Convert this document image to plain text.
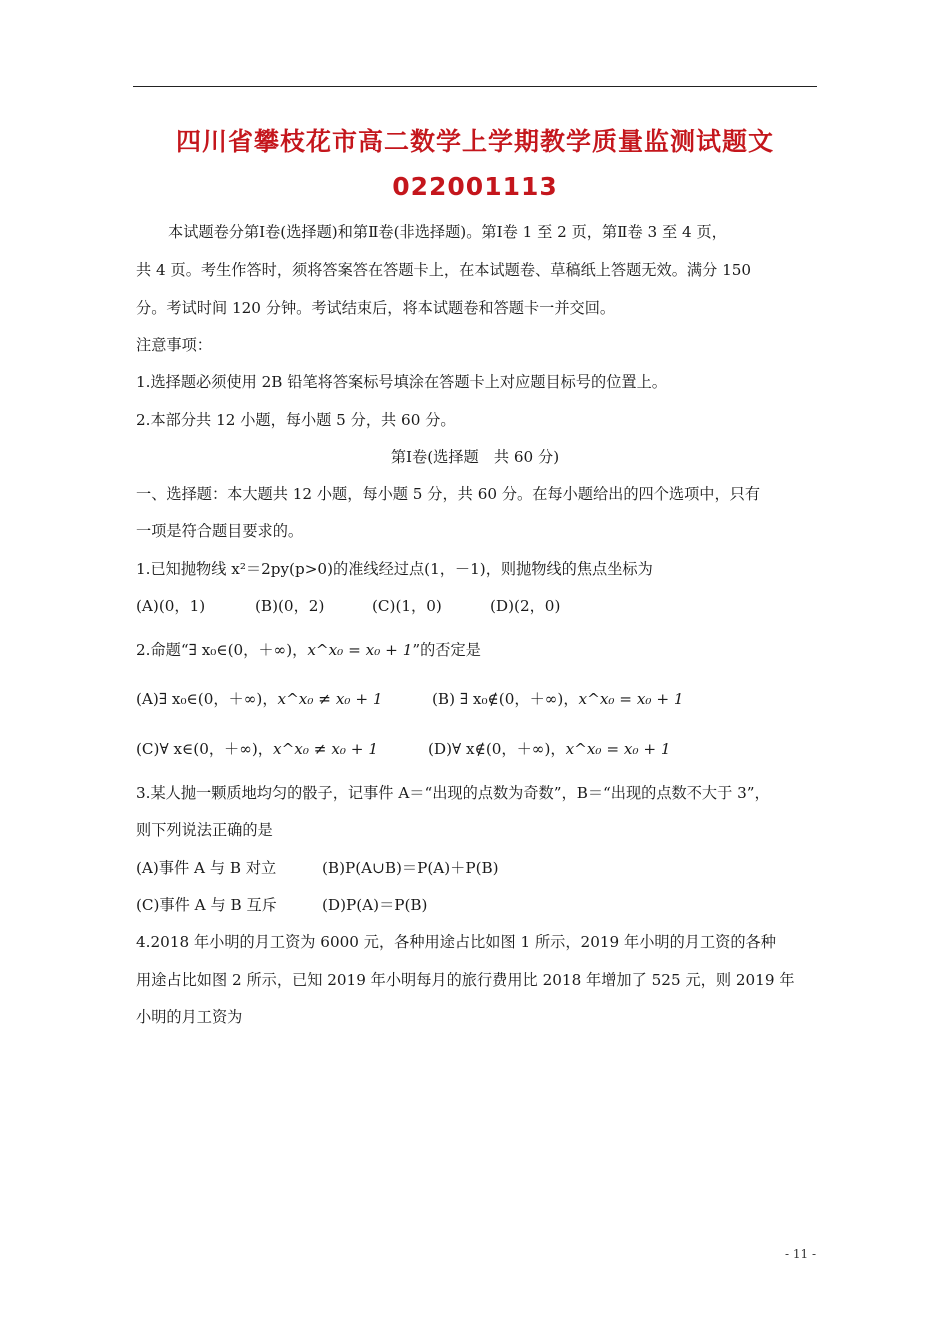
四川省攀枝花市高二数学上学期教学质量监测试题文
022001113
本试题卷分第Ⅰ卷(选择题)和第Ⅱ卷(非选择题)。第Ⅰ卷 1 至 2 页，第Ⅱ卷 3 至 4 页，
共 4 页。考生作答时，须将答案答在答题卡上，在本试题卷、草稿纸上答题无效。满分 150
分。考试时间 120 分钟。考试结束后，将本试题卷和答题卡一并交回。
注意事项：
1.选择题必须使用 2B 铅笔将答案标号填涂在答题卡上对应题目标号的位置上。
2.本部分共 12 小题，每小题 5 分，共 60 分。
第Ⅰ卷(选择题　共 60 分)
一、选择题：本大题共 12 小题，每小题 5 分，共 60 分。在每小题给出的四个选项中，只有
一项是符合题目要求的。
1.已知抛物线 x²＝2py(p>0)的准线经过点(1，－1)，则抛物线的焦点坐标为
(A)(0，1)	(B)(0，2)	(C)(1，0)	(D)(2，0)
2.命题“∃ x₀∈(0，＋∞)，x^x₀ = x₀ + 1”的否定是
(A)∃ x₀∈(0，＋∞)，x^x₀ ≠ x₀ + 1	(B) ∃ x₀∉(0，＋∞)，x^x₀ = x₀ + 1
(C)∀ x∈(0，＋∞)，x^x₀ ≠ x₀ + 1	(D)∀ x∉(0，＋∞)，x^x₀ = x₀ + 1
3.某人抛一颗质地均匀的骰子，记事件 A＝“出现的点数为奇数”，B＝“出现的点数不大于 3”，
则下列说法正确的是
(A)事件 A 与 B 对立	(B)P(A∪B)＝P(A)＋P(B)
(C)事件 A 与 B 互斥	(D)P(A)＝P(B)
4.2018 年小明的月工资为 6000 元，各种用途占比如图 1 所示，2019 年小明的月工资的各种
用途占比如图 2 所示，已知 2019 年小明每月的旅行费用比 2018 年增加了 525 元，则 2019 年
小明的月工资为
- 11 -
